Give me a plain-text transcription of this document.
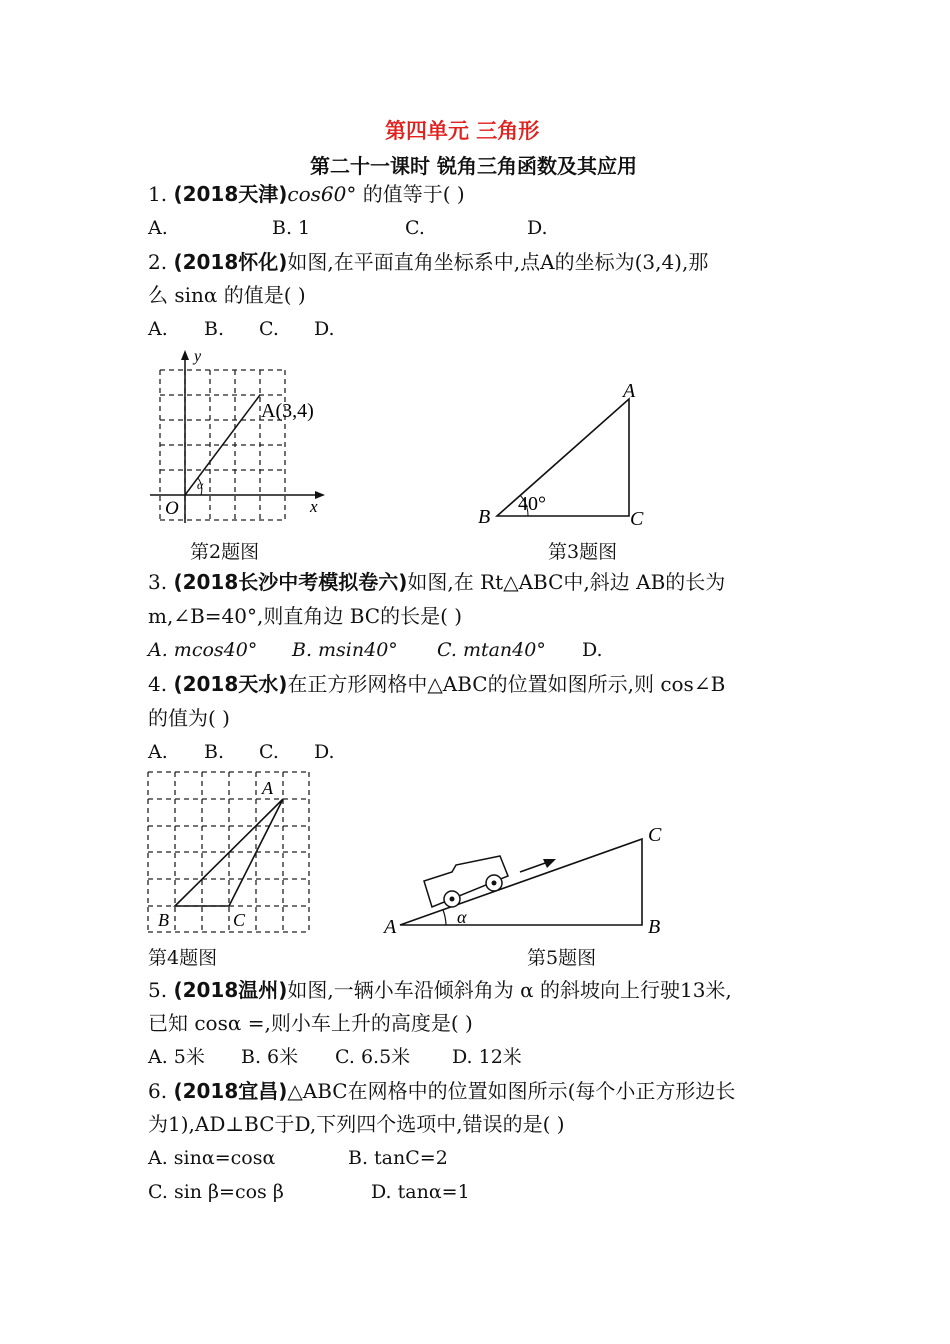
第四单元 三角形
第二十一课时 锐角三角函数及其应用
1. (2018天津)cos60° 的值等于( )
A.	B. 1	C.	D.
2. (2018怀化)如图,在平面直角坐标系中,点A的坐标为(3,4),那
么 sinα 的值是( )
A. B. C. D.
y
x
O
α
A(3,4)
A
B	C
40°
第2题图	第3题图
3. (2018长沙中考模拟卷六)如图,在 Rt△ABC中,斜边 AB的长为
m,∠B=40°,则直角边 BC的长是( )
A. mcos40° B. msin40° C. mtan40° D.
4. (2018天水)在正方形网格中△ABC的位置如图所示,则 cos∠B
的值为( )
A. B. C. D.
A
B	C	A	B
C
α
第4题图	第5题图
5. (2018温州)如图,一辆小车沿倾斜角为 α 的斜坡向上行驶13米,
已知 cosα =,则小车上升的高度是( )
A. 5米 B. 6米 C. 6.5米 D. 12米
6. (2018宜昌)△ABC在网格中的位置如图所示(每个小正方形边长
为1),AD⊥BC于D,下列四个选项中,错误的是( )
A. sinα=cosα	B. tanC=2
C. sin β=cos β	D. tanα=1
